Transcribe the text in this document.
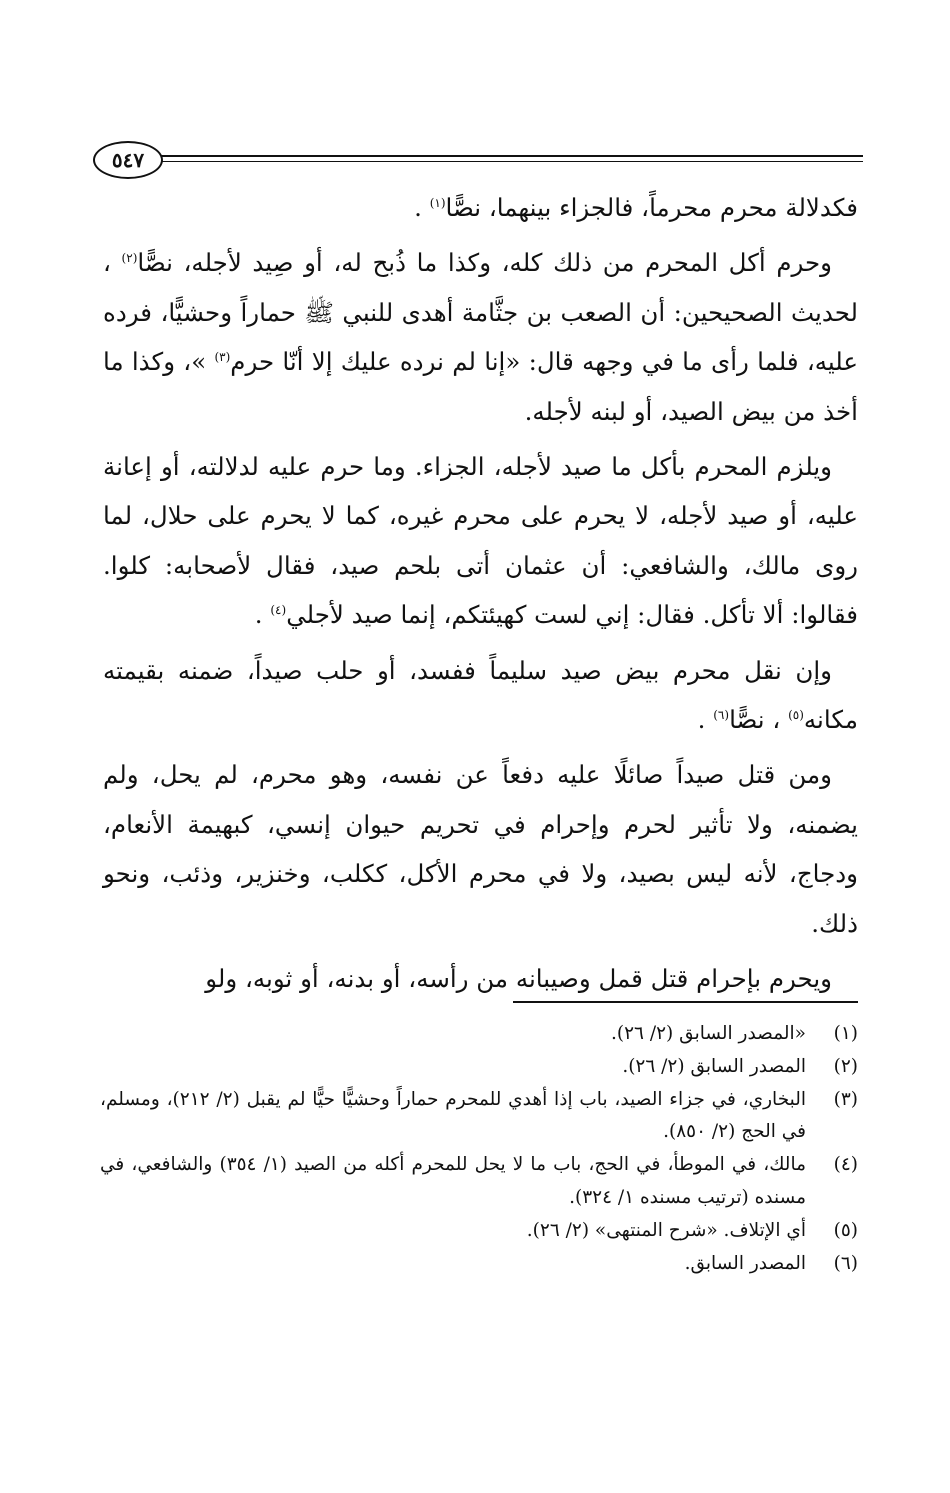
٥٤٧

فكدلالة محرم محرماً، فالجزاء بينهما، نصًّا$^{(١)}$ .

وحرم أكل المحرم من ذلك كله، وكذا ما ذُبح له، أو صِيد لأجله، نصًّا$^{(٢)}$ ، لحديث الصحيحين: أن الصعب بن جثَّامة أهدى للنبي ﷺ حماراً وحشيًّا، فرده عليه، فلما رأى ما في وجهه قال: «إنا لم نرده عليك إلا أنّا حرم$^{(٣)}$ »، وكذا ما أخذ من بيض الصيد، أو لبنه لأجله.

ويلزم المحرم بأكل ما صيد لأجله، الجزاء. وما حرم عليه لدلالته، أو إعانة عليه، أو صيد لأجله، لا يحرم على محرم غيره، كما لا يحرم على حلال، لما روى مالك، والشافعي: أن عثمان أتى بلحم صيد، فقال لأصحابه: كلوا. فقالوا: ألا تأكل. فقال: إني لست كهيئتكم، إنما صيد لأجلي$^{(٤)}$ .

وإن نقل محرم بيض صيد سليماً ففسد، أو حلب صيداً، ضمنه بقيمته مكانه$^{(٥)}$ ، نصًّا$^{(٦)}$ .

ومن قتل صيداً صائلًا عليه دفعاً عن نفسه، وهو محرم، لم يحل، ولم يضمنه، ولا تأثير لحرم وإحرام في تحريم حيوان إنسي، كبهيمة الأنعام، ودجاج، لأنه ليس بصيد، ولا في محرم الأكل، ككلب، وخنزير، وذئب، ونحو ذلك.

ويحرم بإحرام قتل قمل وصيبانه من رأسه، أو بدنه، أو ثوبه، ولو

(١)
«المصدر السابق (٢/ ٢٦).
(٢)
المصدر السابق (٢/ ٢٦).
(٣)
البخاري، في جزاء الصيد، باب إذا أهدي للمحرم حماراً وحشيًّا حيًّا لم يقبل (٢/ ٢١٢)، ومسلم، في الحج (٢/ ٨٥٠).
(٤)
مالك، في الموطأ، في الحج، باب ما لا يحل للمحرم أكله من الصيد (١/ ٣٥٤) والشافعي، في مسنده (ترتيب مسنده ١/ ٣٢٤).
(٥)
أي الإتلاف. «شرح المنتهى» (٢/ ٢٦).
(٦)
المصدر السابق.
